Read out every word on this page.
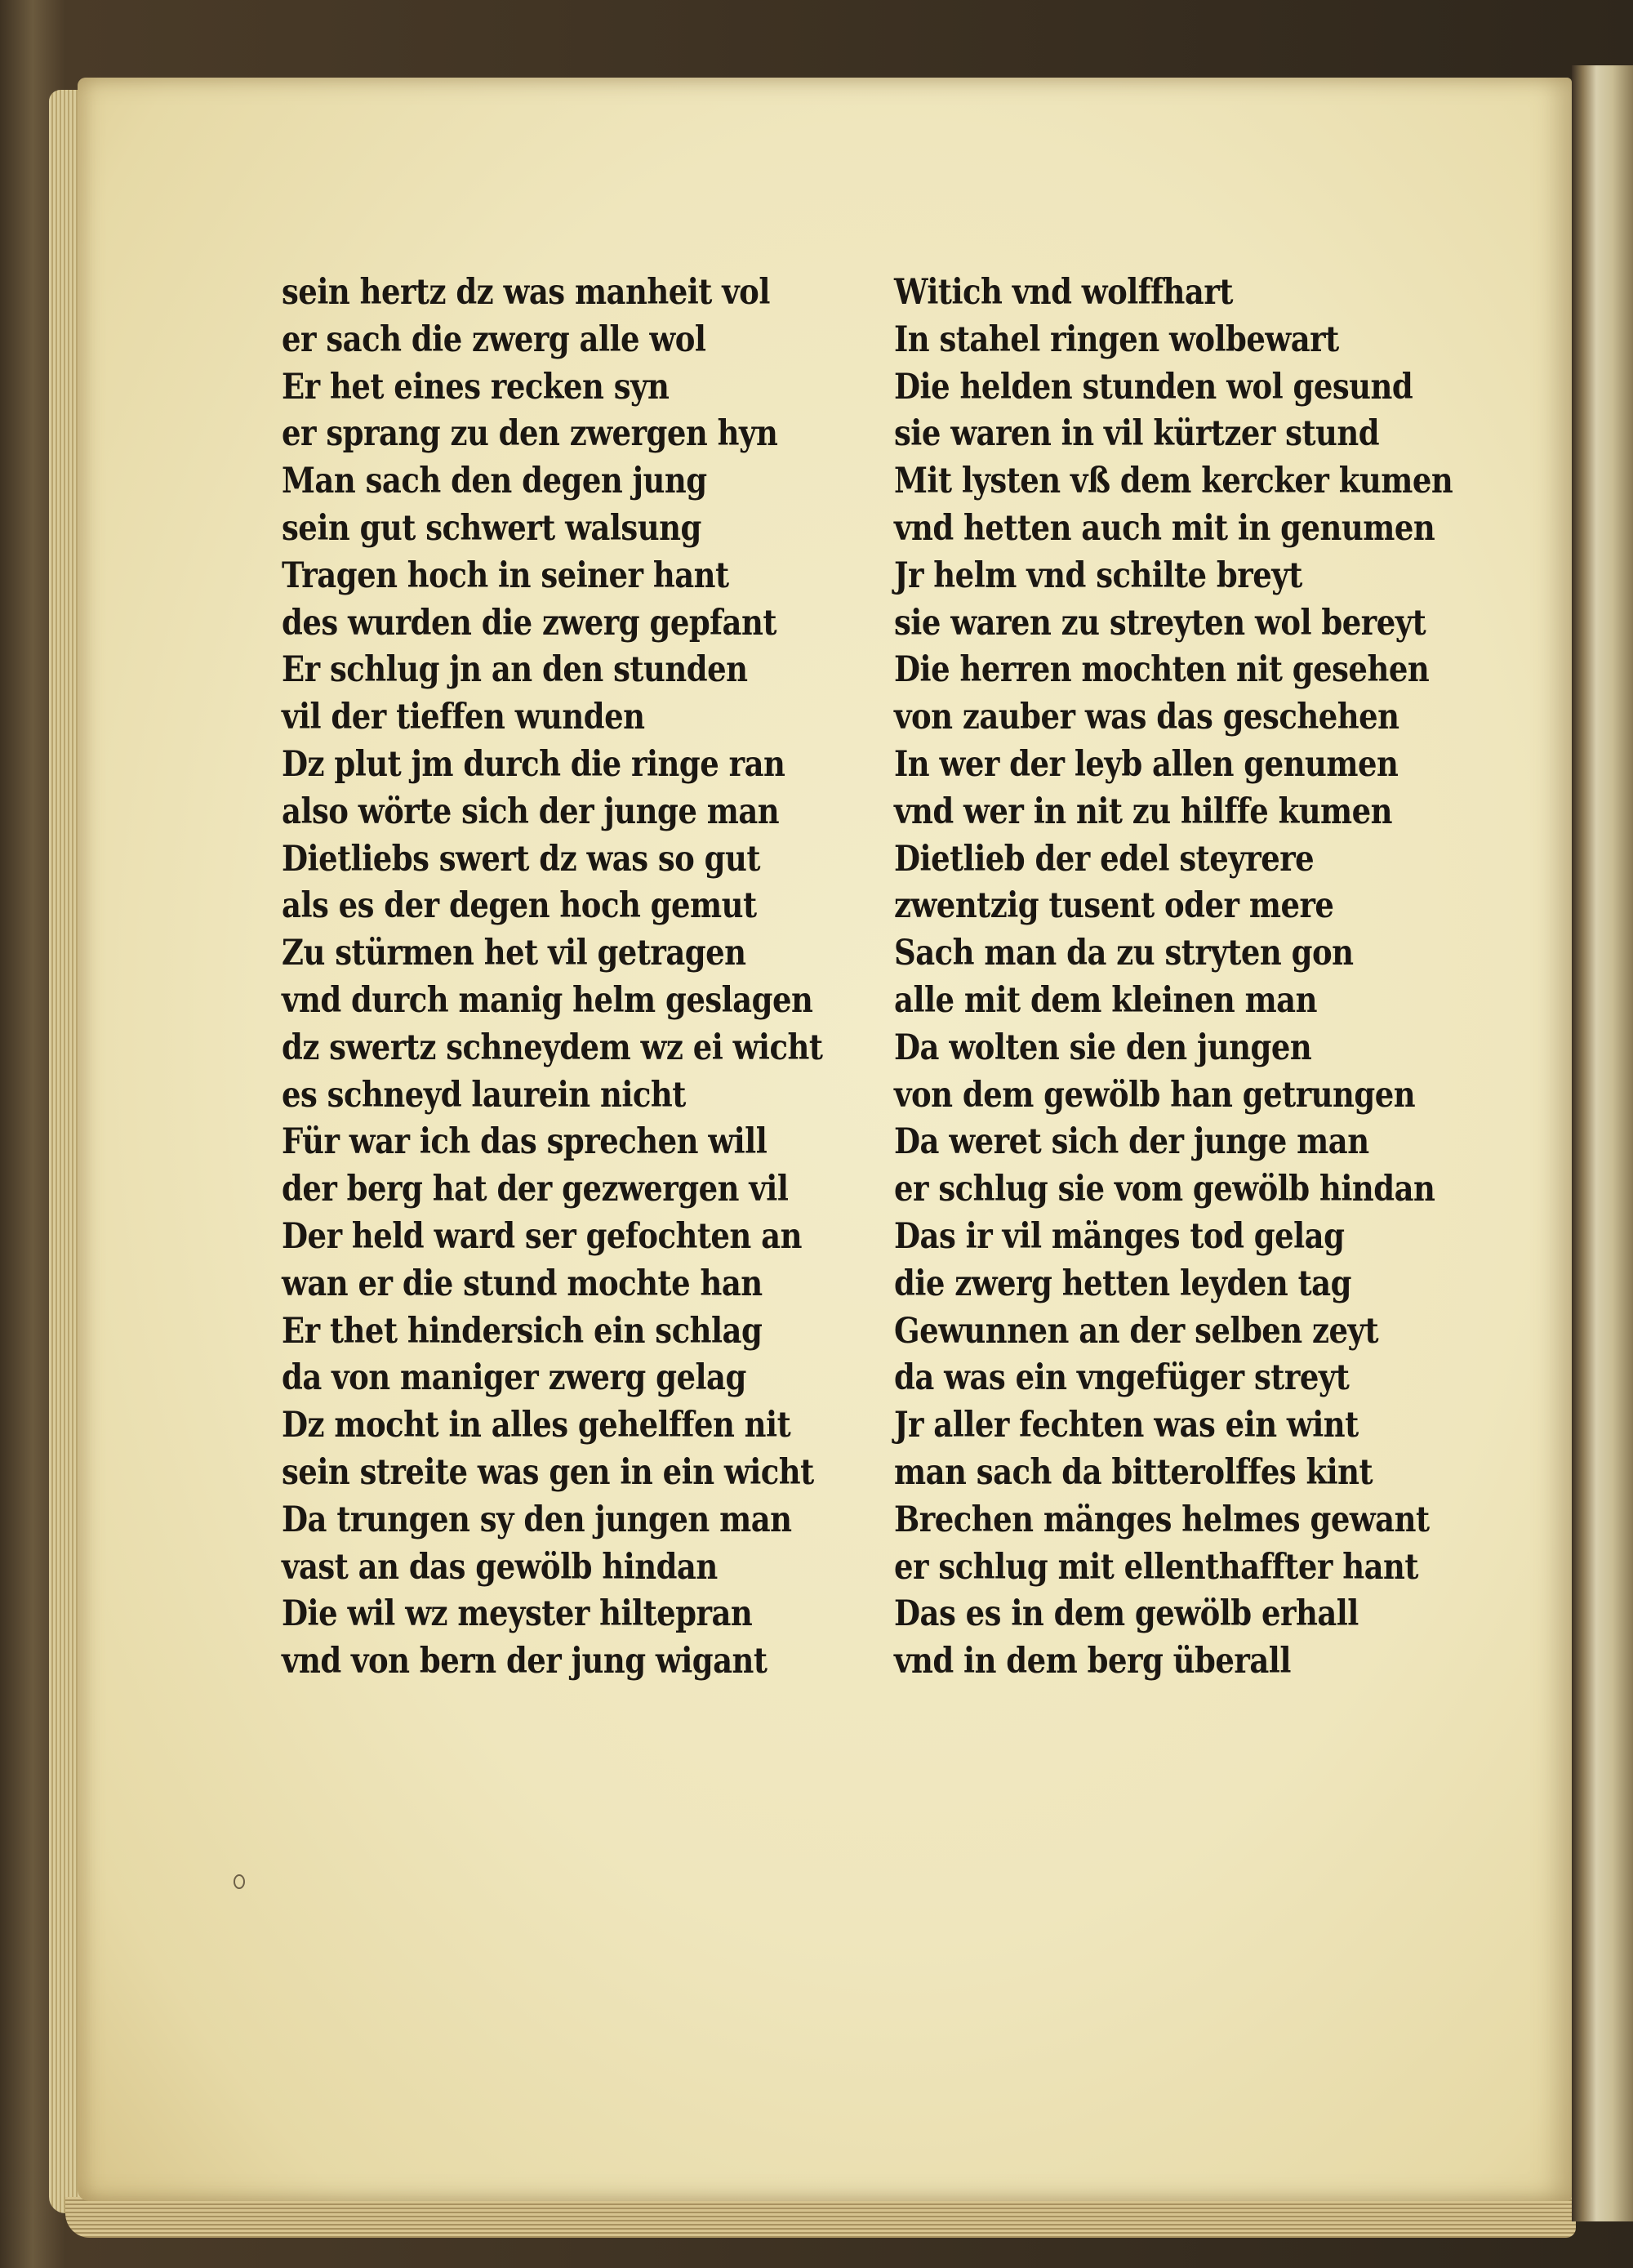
sein hertz dz was manheit vol
er sach die zwerg alle wol
Er het eines recken syn
er sprang zu den zwergen hyn
Man sach den degen jung
sein gut schwert walsung
Tragen hoch in seiner hant
des wurden die zwerg gepfant
Er schlug jn an den stunden
vil der tieffen wunden
Dz plut jm durch die ringe ran
also wörte sich der junge man
Dietliebs swert dz was so gut
als es der degen hoch gemut
Zu stürmen het vil getragen
vnd durch manig helm geslagen
dz swertz schneydem wz ei wicht
es schneyd laurein nicht
Für war ich das sprechen will
der berg hat der gezwergen vil
Der held ward ser gefochten an
wan er die stund mochte han
Er thet hindersich ein schlag
da von maniger zwerg gelag
Dz mocht in alles gehelffen nit
sein streite was gen in ein wicht
Da trungen sy den jungen man
vast an das gewölb hindan
Die wil wz meyster hiltepran
vnd von bern der jung wigant
Witich vnd wolffhart
In stahel ringen wolbewart
Die helden stunden wol gesund
sie waren in vil kürtzer stund
Mit lysten vß dem kercker kumen
vnd hetten auch mit in genumen
Jr helm vnd schilte breyt
sie waren zu streyten wol bereyt
Die herren mochten nit gesehen
von zauber was das geschehen
In wer der leyb allen genumen
vnd wer in nit zu hilffe kumen
Dietlieb der edel steyrere
zwentzig tusent oder mere
Sach man da zu stryten gon
alle mit dem kleinen man
Da wolten sie den jungen
von dem gewölb han getrungen
Da weret sich der junge man
er schlug sie vom gewölb hindan
Das ir vil mänges tod gelag
die zwerg hetten leyden tag
Gewunnen an der selben zeyt
da was ein vngefüger streyt
Jr aller fechten was ein wint
man sach da bitterolffes kint
Brechen mänges helmes gewant
er schlug mit ellenthaffter hant
Das es in dem gewölb erhall
vnd in dem berg überall
